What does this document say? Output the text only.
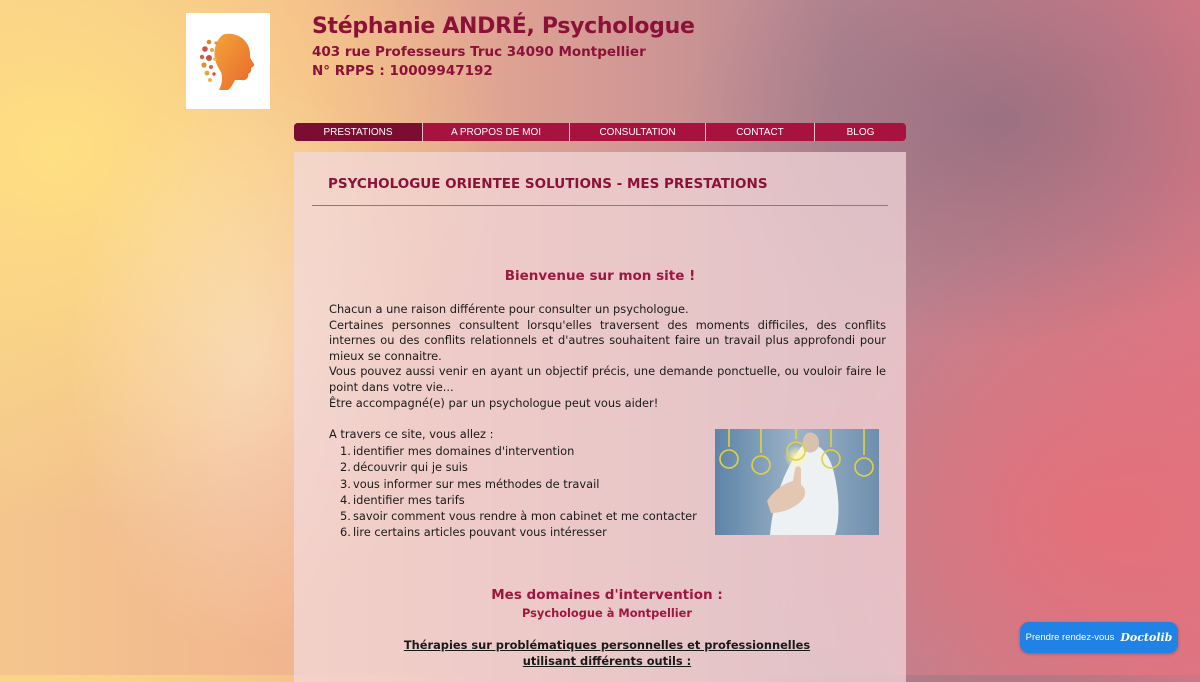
Stéphanie ANDRÉ, Psychologue

403 rue Professeurs Truc 34090 Montpellier

N° RPPS : 10009947192

PRESTATIONS	A PROPOS DE MOI	CONSULTATION	CONTACT	BLOG
PSYCHOLOGUE ORIENTEE SOLUTIONS - MES PRESTATIONS
Bienvenue sur mon site !

Chacun a une raison différente pour consulter un psychologue.
Certaines personnes consultent lorsqu'elles traversent des moments difficiles, des conflits internes ou des conflits relationnels et d'autres souhaitent faire un travail plus approfondi pour mieux se connaitre.
Vous pouvez aussi venir en ayant un objectif précis, une demande ponctuelle, ou vouloir faire le point dans votre vie...
Être accompagné(e) par un psychologue peut vous aider!

A travers ce site, vous allez :

1. identifier mes domaines d'intervention
2. découvrir qui je suis
3. vous informer sur mes méthodes de travail
4. identifier mes tarifs
5. savoir comment vous rendre à mon cabinet et me contacter
6. lire certains articles pouvant vous intéresser
Mes domaines d'intervention :

Psychologue à Montpellier

Thérapies sur problématiques personnelles et professionnelles
utilisant différents outils :

Prendre rendez-vous Doctolib
